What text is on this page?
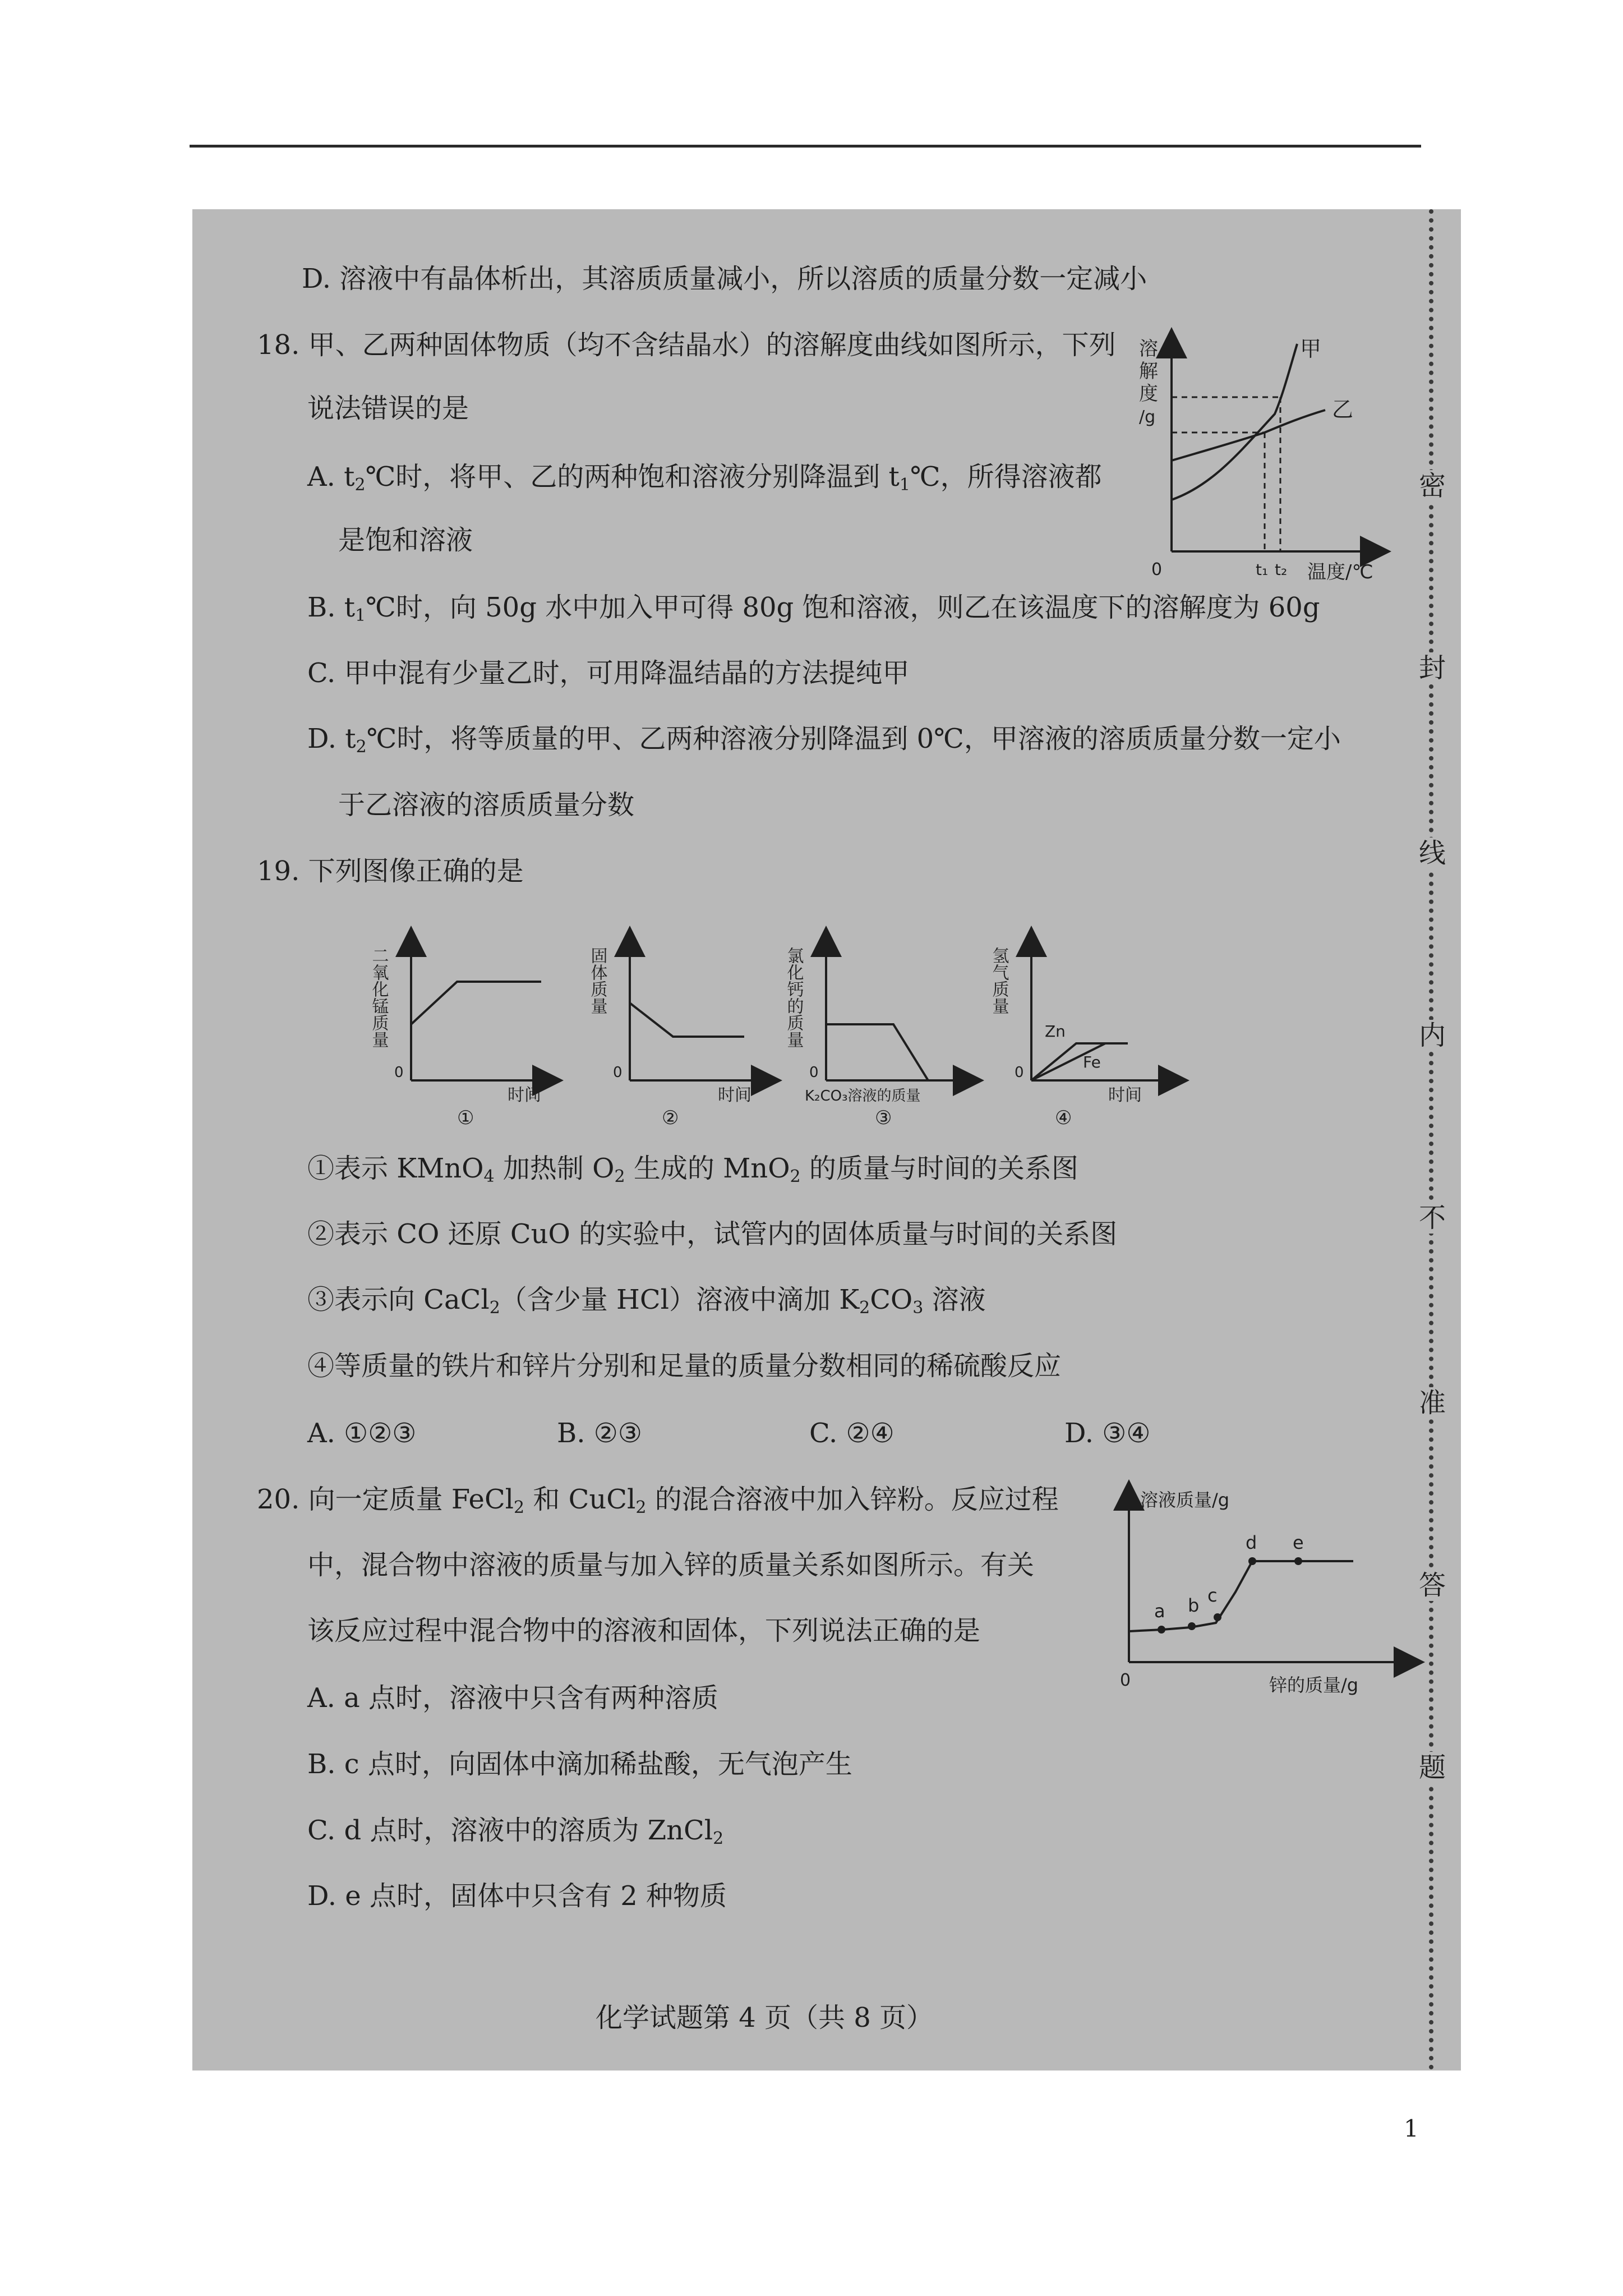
密
封
线
内
不
准
答
题
D. 溶液中有晶体析出，其溶质质量减小，所以溶质的质量分数一定减小
18. 甲、乙两种固体物质（均不含结晶水）的溶解度曲线如图所示，下列
说法错误的是
A. $t_2℃$时，将甲、乙的两种饱和溶液分别降温到 $t_1℃$，所得溶液都
是饱和溶液
B. $t_1℃$时，向 50g 水中加入甲可得 80g 饱和溶液，则乙在该温度下的溶解度为 60g
C. 甲中混有少量乙时，可用降温结晶的方法提纯甲
D. $t_2℃$时，将等质量的甲、乙两种溶液分别降温到 0℃，甲溶液的溶质质量分数一定小
于乙溶液的溶质质量分数
溶
解
度
/g
甲
乙
0	t₁ t₂ 温度/℃
19. 下列图像正确的是
二氧化锰质量
0
时间
①
固体质量
0
时间
②
氯化钙的质量
0
K₂CO₃溶液的质量
③
氢气质量
0
Zn
Fe
时间
④
①表示 KMnO$_4$ 加热制 $O_2$ 生成的 MnO$_2$ 的质量与时间的关系图
②表示 CO 还原 CuO 的实验中，试管内的固体质量与时间的关系图
③表示向 CaCl$_2$（含少量 HCl）溶液中滴加 $K_2CO_3$ 溶液
④等质量的铁片和锌片分别和足量的质量分数相同的稀硫酸反应
A. ①②③	B. ②③	C. ②④	D. ③④
20. 向一定质量 FeCl$_2$ 和 CuCl$_2$ 的混合溶液中加入锌粉。反应过程
中，混合物中溶液的质量与加入锌的质量关系如图所示。有关
该反应过程中混合物中的溶液和固体，下列说法正确的是
A. a 点时，溶液中只含有两种溶质
B. c 点时，向固体中滴加稀盐酸，无气泡产生
C. d 点时，溶液中的溶质为 ZnCl$_2$
D. e 点时，固体中只含有 2 种物质
a b c
d e
溶液质量/g
0	锌的质量/g
化学试题第 4 页（共 8 页）
1
